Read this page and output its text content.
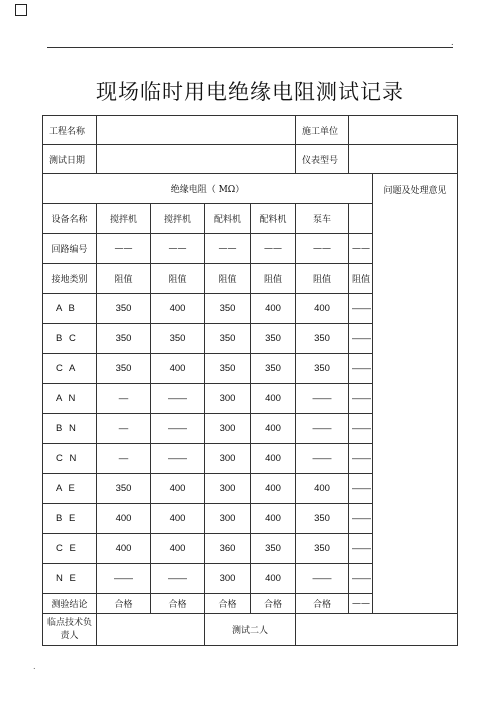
.
现场临时用电绝缘电阻测试记录
工程名称					施工单位		
测试日期					仪表型号		
绝缘电阻（ MΩ）							问题及处理意见
设备名称	搅拌机	搅拌机	配料机	配料机	泵车		
回路编号	——	——	——	——	——	——	
接地类别	阻值	阻值	阻值	阻值	阻值	阻值	
A B	350	400	350	400	400	——	
B C	350	350	350	350	350	——	
C A	350	400	350	350	350	——	
A N	—	——	300	400	——	——	
B N	—	——	300	400	——	——	
C N	—	——	300	400	——	——	
A E	350	400	300	400	400	——	
B E	400	400	300	400	350	——	
C E	400	400	360	350	350	——	
N E	——	——	300	400	——	——	
测验结论	合格	合格	合格	合格	合格	——	
临点技术负责人			测试二人				
.
